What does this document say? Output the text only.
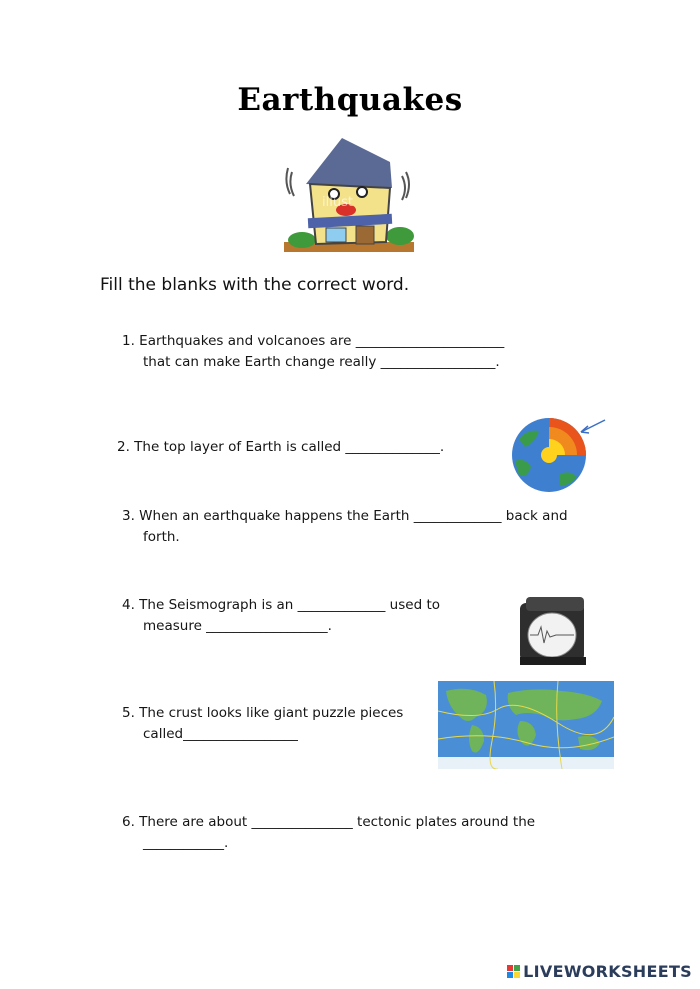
Earthquakes
illust
Fill the blanks with the correct word.
1. Earthquakes and volcanoes are ______________________
that can make Earth change really _________________.
2. The top layer of Earth is called ______________.
3. When an earthquake happens the Earth _____________ back and
forth.
4. The Seismograph is an _____________ used to
measure __________________.
5. The crust looks like giant puzzle pieces
called_________________
6. There are about _______________ tectonic plates around the
____________.
LIVEWORKSHEETS
